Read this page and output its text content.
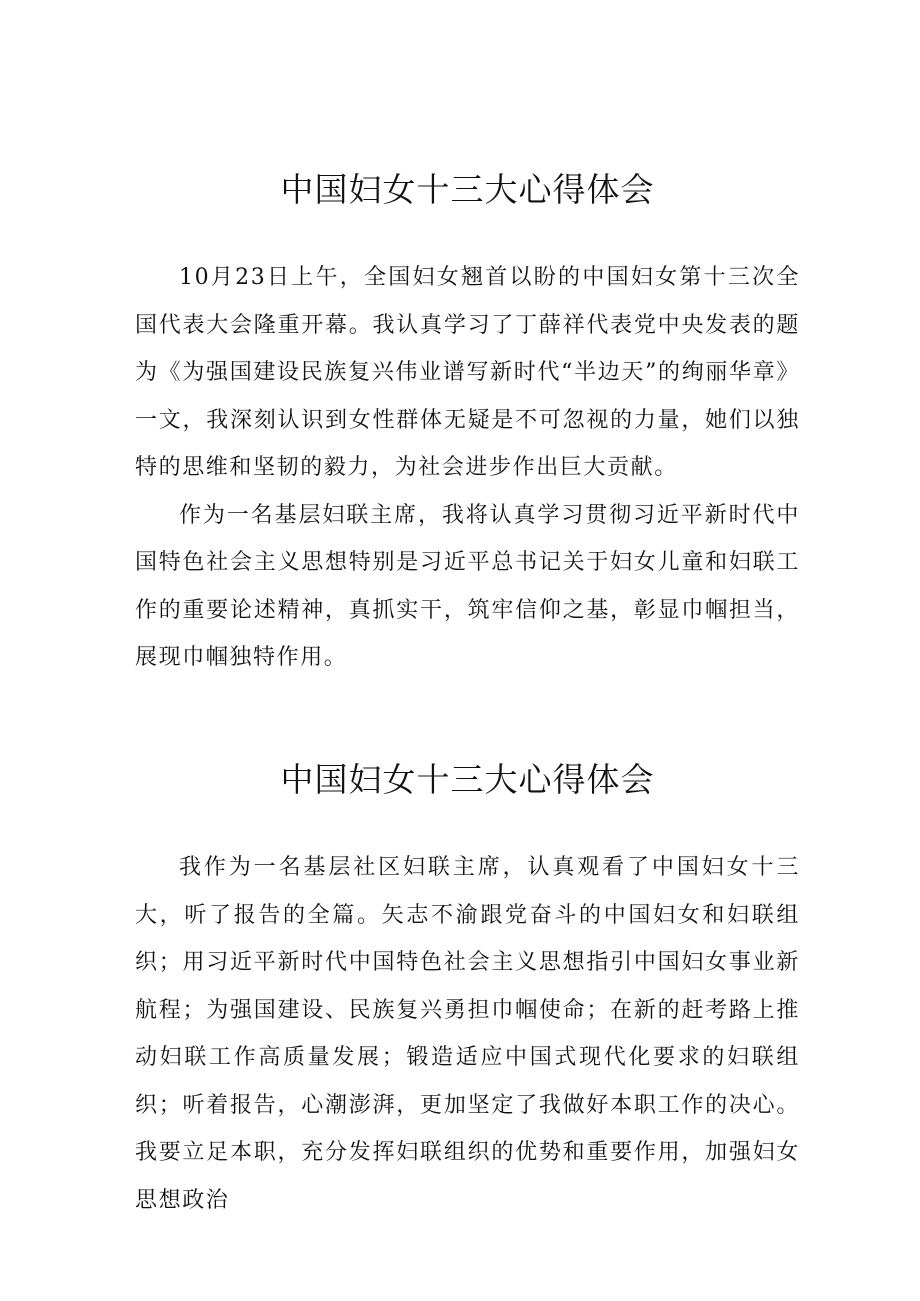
中国妇女十三大心得体会

10月23日上午，全国妇女翘首以盼的中国妇女第十三次全国代表大会隆重开幕。我认真学习了丁薛祥代表党中央发表的题为《为强国建设民族复兴伟业谱写新时代“半边天”的绚丽华章》一文，我深刻认识到女性群体无疑是不可忽视的力量，她们以独特的思维和坚韧的毅力，为社会进步作出巨大贡献。

作为一名基层妇联主席，我将认真学习贯彻习近平新时代中国特色社会主义思想特别是习近平总书记关于妇女儿童和妇联工作的重要论述精神，真抓实干，筑牢信仰之基，彰显巾帼担当，展现巾帼独特作用。

中国妇女十三大心得体会

我作为一名基层社区妇联主席，认真观看了中国妇女十三大，听了报告的全篇。矢志不渝跟党奋斗的中国妇女和妇联组织；用习近平新时代中国特色社会主义思想指引中国妇女事业新航程；为强国建设、民族复兴勇担巾帼使命；在新的赶考路上推动妇联工作高质量发展；锻造适应中国式现代化要求的妇联组织；听着报告，心潮澎湃，更加坚定了我做好本职工作的决心。我要立足本职，充分发挥妇联组织的优势和重要作用，加强妇女思想政治
